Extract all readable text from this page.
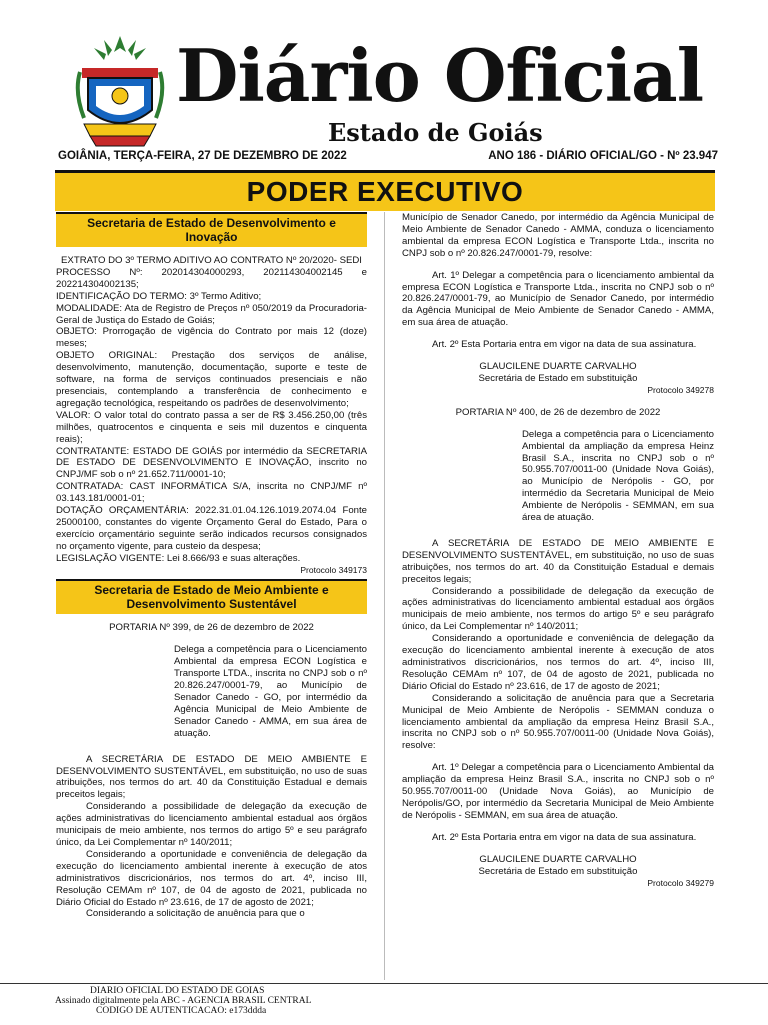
Diário Oficial
Estado de Goiás
GOIÂNIA, TERÇA-FEIRA, 27 DE DEZEMBRO DE 2022	ANO 186 - DIÁRIO OFICIAL/GO - Nº 23.947
PODER EXECUTIVO
Secretaria de Estado de Desenvolvimento e Inovação

EXTRATO DO 3º TERMO ADITIVO AO CONTRATO Nº 20/2020- SEDI

PROCESSO Nº: 202014304000293, 202114304002145 e 202214304002135;

IDENTIFICAÇÃO DO TERMO: 3º Termo Aditivo;

MODALIDADE: Ata de Registro de Preços nº 050/2019 da Procuradoria-Geral de Justiça do Estado de Goiás;

OBJETO: Prorrogação de vigência do Contrato por mais 12 (doze) meses;

OBJETO ORIGINAL: Prestação dos serviços de análise, desenvolvimento, manutenção, documentação, suporte e teste de software, na forma de serviços continuados presenciais e não presenciais, contemplando a transferência de conhecimento e agregação tecnológica, respeitando os padrões de desenvolvimento;

VALOR: O valor total do contrato passa a ser de R$ 3.456.250,00 (três milhões, quatrocentos e cinquenta e seis mil duzentos e cinquenta reais);

CONTRATANTE: ESTADO DE GOIÁS por intermédio da SECRETARIA DE ESTADO DE DESENVOLVIMENTO E INOVAÇÃO, inscrito no CNPJ/MF sob o nº 21.652.711/0001-10;

CONTRATADA: CAST INFORMÁTICA S/A, inscrita no CNPJ/MF nº 03.143.181/0001-01;

DOTAÇÃO ORÇAMENTÁRIA: 2022.31.01.04.126.1019.2074.04 Fonte 25000100, constantes do vigente Orçamento Geral do Estado, Para o exercício orçamentário seguinte serão indicados recursos consignados no orçamento vigente, para custeio da despesa;

LEGISLAÇÃO VIGENTE: Lei 8.666/93 e suas alterações.

Protocolo 349173

Secretaria de Estado de Meio Ambiente e Desenvolvimento Sustentável

PORTARIA Nº 399, de 26 de dezembro de 2022

Delega a competência para o Licenciamento Ambiental da empresa ECON Logística e Transporte LTDA., inscrita no CNPJ sob o nº 20.826.247/0001-79, ao Município de Senador Canedo - GO, por intermédio da Agência Municipal de Meio Ambiente de Senador Canedo - AMMA, em sua área de atuação.

A SECRETÁRIA DE ESTADO DE MEIO AMBIENTE E DESENVOLVIMENTO SUSTENTÁVEL, em substituição, no uso de suas atribuições, nos termos do art. 40 da Constituição Estadual e demais preceitos legais;

Considerando a possibilidade de delegação da execução de ações administrativas do licenciamento ambiental estadual aos órgãos municipais de meio ambiente, nos termos do artigo 5º e seu parágrafo único, da Lei Complementar nº 140/2011;

Considerando a oportunidade e conveniência de delegação da execução do licenciamento ambiental inerente à execução de atos administrativos discricionários, nos termos do art. 4º, inciso III, Resolução CEMAm nº 107, de 04 de agosto de 2021, publicada no Diário Oficial do Estado nº 23.616, de 17 de agosto de 2021;

Considerando a solicitação de anuência para que o

Município de Senador Canedo, por intermédio da Agência Municipal de Meio Ambiente de Senador Canedo - AMMA, conduza o licenciamento ambiental da empresa ECON Logística e Transporte Ltda., inscrita no CNPJ sob o nº 20.826.247/0001-79, resolve:

Art. 1º Delegar a competência para o licenciamento ambiental da empresa ECON Logística e Transporte Ltda., inscrita no CNPJ sob o nº 20.826.247/0001-79, ao Município de Senador Canedo, por intermédio da Agência Municipal de Meio Ambiente de Senador Canedo - AMMA, em sua área de atuação.

Art. 2º Esta Portaria entra em vigor na data de sua assinatura.

GLAUCILENE DUARTE CARVALHO

Secretária de Estado em substituição

Protocolo 349278

PORTARIA Nº 400, de 26 de dezembro de 2022

Delega a competência para o Licenciamento Ambiental da ampliação da empresa Heinz Brasil S.A., inscrita no CNPJ sob o nº 50.955.707/0011-00 (Unidade Nova Goiás), ao Município de Nerópolis - GO, por intermédio da Secretaria Municipal de Meio Ambiente de Nerópolis - SEMMAN, em sua área de atuação.

A SECRETÁRIA DE ESTADO DE MEIO AMBIENTE E DESENVOLVIMENTO SUSTENTÁVEL, em substituição, no uso de suas atribuições, nos termos do art. 40 da Constituição Estadual e demais preceitos legais;

Considerando a possibilidade de delegação da execução de ações administrativas do licenciamento ambiental estadual aos órgãos municipais de meio ambiente, nos termos do artigo 5º e seu parágrafo único, da Lei Complementar nº 140/2011;

Considerando a oportunidade e conveniência de delegação da execução do licenciamento ambiental inerente à execução de atos administrativos discricionários, nos termos do art. 4º, inciso III, Resolução CEMAm nº 107, de 04 de agosto de 2021, publicada no Diário Oficial do Estado nº 23.616, de 17 de agosto de 2021;

Considerando a solicitação de anuência para que a Secretaria Municipal de Meio Ambiente de Nerópolis - SEMMAN conduza o licenciamento ambiental da ampliação da empresa Heinz Brasil S.A., inscrita no CNPJ sob o nº 50.955.707/0011-00 (Unidade Nova Goiás), resolve:

Art. 1º Delegar a competência para o Licenciamento Ambiental da ampliação da empresa Heinz Brasil S.A., inscrita no CNPJ sob o nº 50.955.707/0011-00 (Unidade Nova Goiás), ao Município de Nerópolis/GO, por intermédio da Secretaria Municipal de Meio Ambiente de Nerópolis - SEMMAN, em sua área de atuação.

Art. 2º Esta Portaria entra em vigor na data de sua assinatura.

GLAUCILENE DUARTE CARVALHO

Secretária de Estado em substituição

Protocolo 349279

DIARIO OFICIAL DO ESTADO DE GOIAS
Assinado digitalmente pela ABC - AGENCIA BRASIL CENTRAL
CODIGO DE AUTENTICACAO: e173ddda
